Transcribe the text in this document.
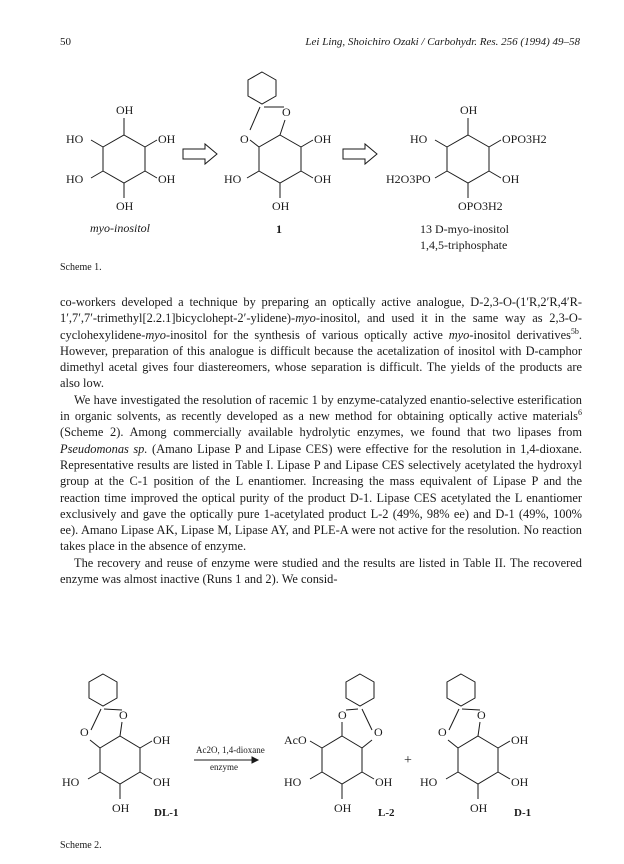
50	Lei Ling, Shoichiro Ozaki / Carbohydr. Res. 256 (1994) 49–58
OH
OH
HO
HO	OH
OH
O
O	OH
HO	OH
OH
OH
OPO3H2
HO
H2O3PO	OH
OPO3H2
myo-inositol	1	13 D-myo-inositol
1,4,5-triphosphate
Scheme 1.

co-workers developed a technique by preparing an optically active analogue, D-2,3-O-(1′R,2′R,4′R-1′,7′,7′-trimethyl[2.2.1]bicyclohept-2′-ylidene)-myo-inositol, and used it in the same way as 2,3-O-cyclohexylidene-myo-inositol for the synthesis of various optically active myo-inositol derivatives$^{5b}$. However, preparation of this analogue is difficult because the acetalization of inositol with D-camphor dimethyl acetal gives four diastereomers, whose separation is difficult. The yields of the products are also low.

We have investigated the resolution of racemic 1 by enzyme-catalyzed enantio-selective esterification in organic solvents, as recently developed as a new method for obtaining optically active materials$^6$ (Scheme 2). Among commercially available hydrolytic enzymes, we found that two lipases from Pseudomonas sp. (Amano Lipase P and Lipase CES) were effective for the resolution in 1,4-dioxane. Representative results are listed in Table I. Lipase P and Lipase CES selectively acetylated the hydroxyl group at the C-1 position of the L enantiomer. Increasing the mass equivalent of Lipase P and the reaction time improved the optical purity of the product D-1. Lipase CES acetylated the L enantiomer exclusively and gave the optically pure 1-acetylated product L-2 (49%, 98% ee) and D-1 (49%, 100% ee). Amano Lipase AK, Lipase M, Lipase AY, and PLE-A were not active for the resolution. No reaction takes place in the absence of enzyme.

The recovery and reuse of enzyme were studied and the results are listed in Table II. The recovered enzyme was almost inactive (Runs 1 and 2). We consid-

O
O
OH
HO	OH
OH DL-1
Ac2O, 1,4-dioxane
enzyme
AcO
O
O
HO	OH
OH L-2
+
O
O
OH
HO	OH
OH D-1
Scheme 2.
